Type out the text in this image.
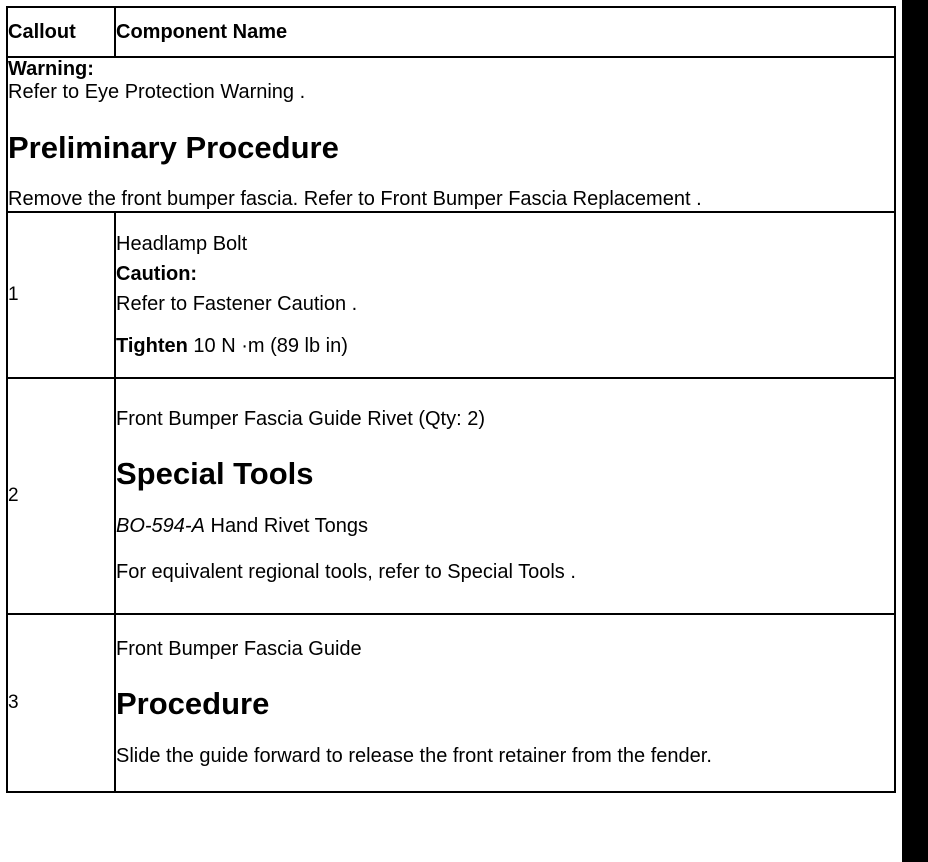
Callout	Component Name

Warning:
Refer to Eye Protection Warning .
Preliminary Procedure
Remove the front bumper fascia. Refer to Front Bumper Fascia Replacement .	

1	Headlamp Bolt
Caution:
Refer to Fastener Caution .
Tighten 10 N ·m (89 lb in)

2	Front Bumper Fascia Guide Rivet (Qty: 2)
Special Tools
BO-594-A Hand Rivet Tongs
For equivalent regional tools, refer to Special Tools .

3	Front Bumper Fascia Guide
Procedure
Slide the guide forward to release the front retainer from the fender.
